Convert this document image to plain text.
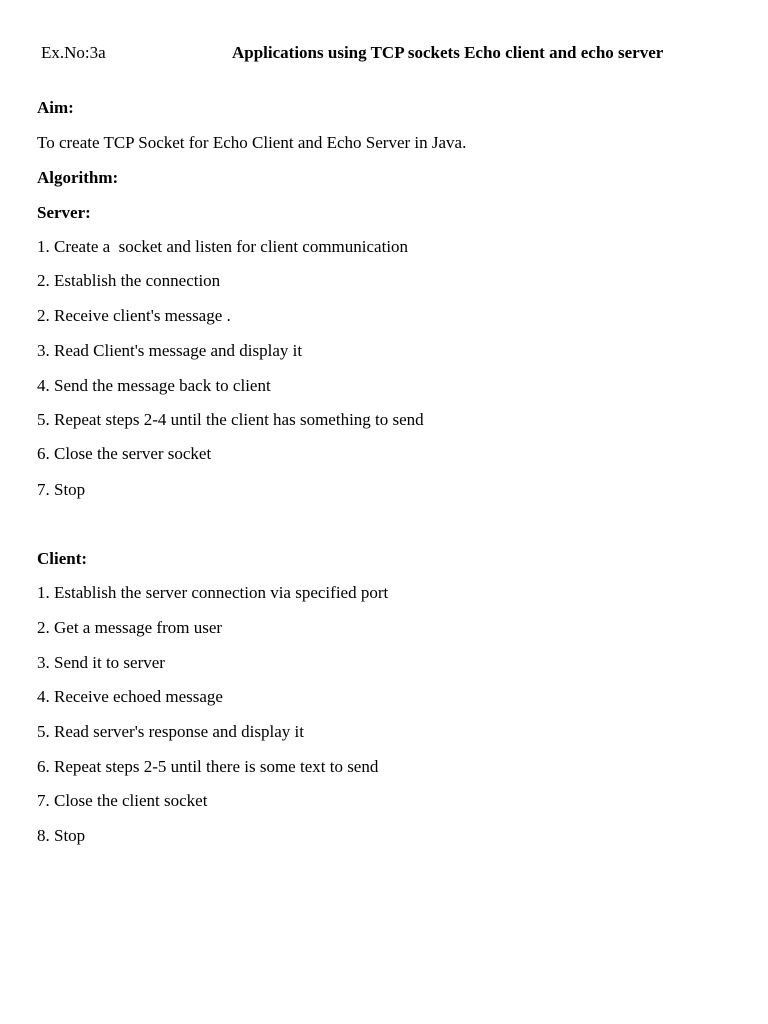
Ex.No:3a	Applications using TCP sockets Echo client and echo server
Aim:
To create TCP Socket for Echo Client and Echo Server in Java.
Algorithm:
Server:
1. Create a  socket and listen for client communication
2. Establish the connection
2. Receive client's message .
3. Read Client's message and display it
4. Send the message back to client
5. Repeat steps 2-4 until the client has something to send
6. Close the server socket
7. Stop
Client:
1. Establish the server connection via specified port
2. Get a message from user
3. Send it to server
4. Receive echoed message
5. Read server's response and display it
6. Repeat steps 2-5 until there is some text to send
7. Close the client socket
8. Stop
